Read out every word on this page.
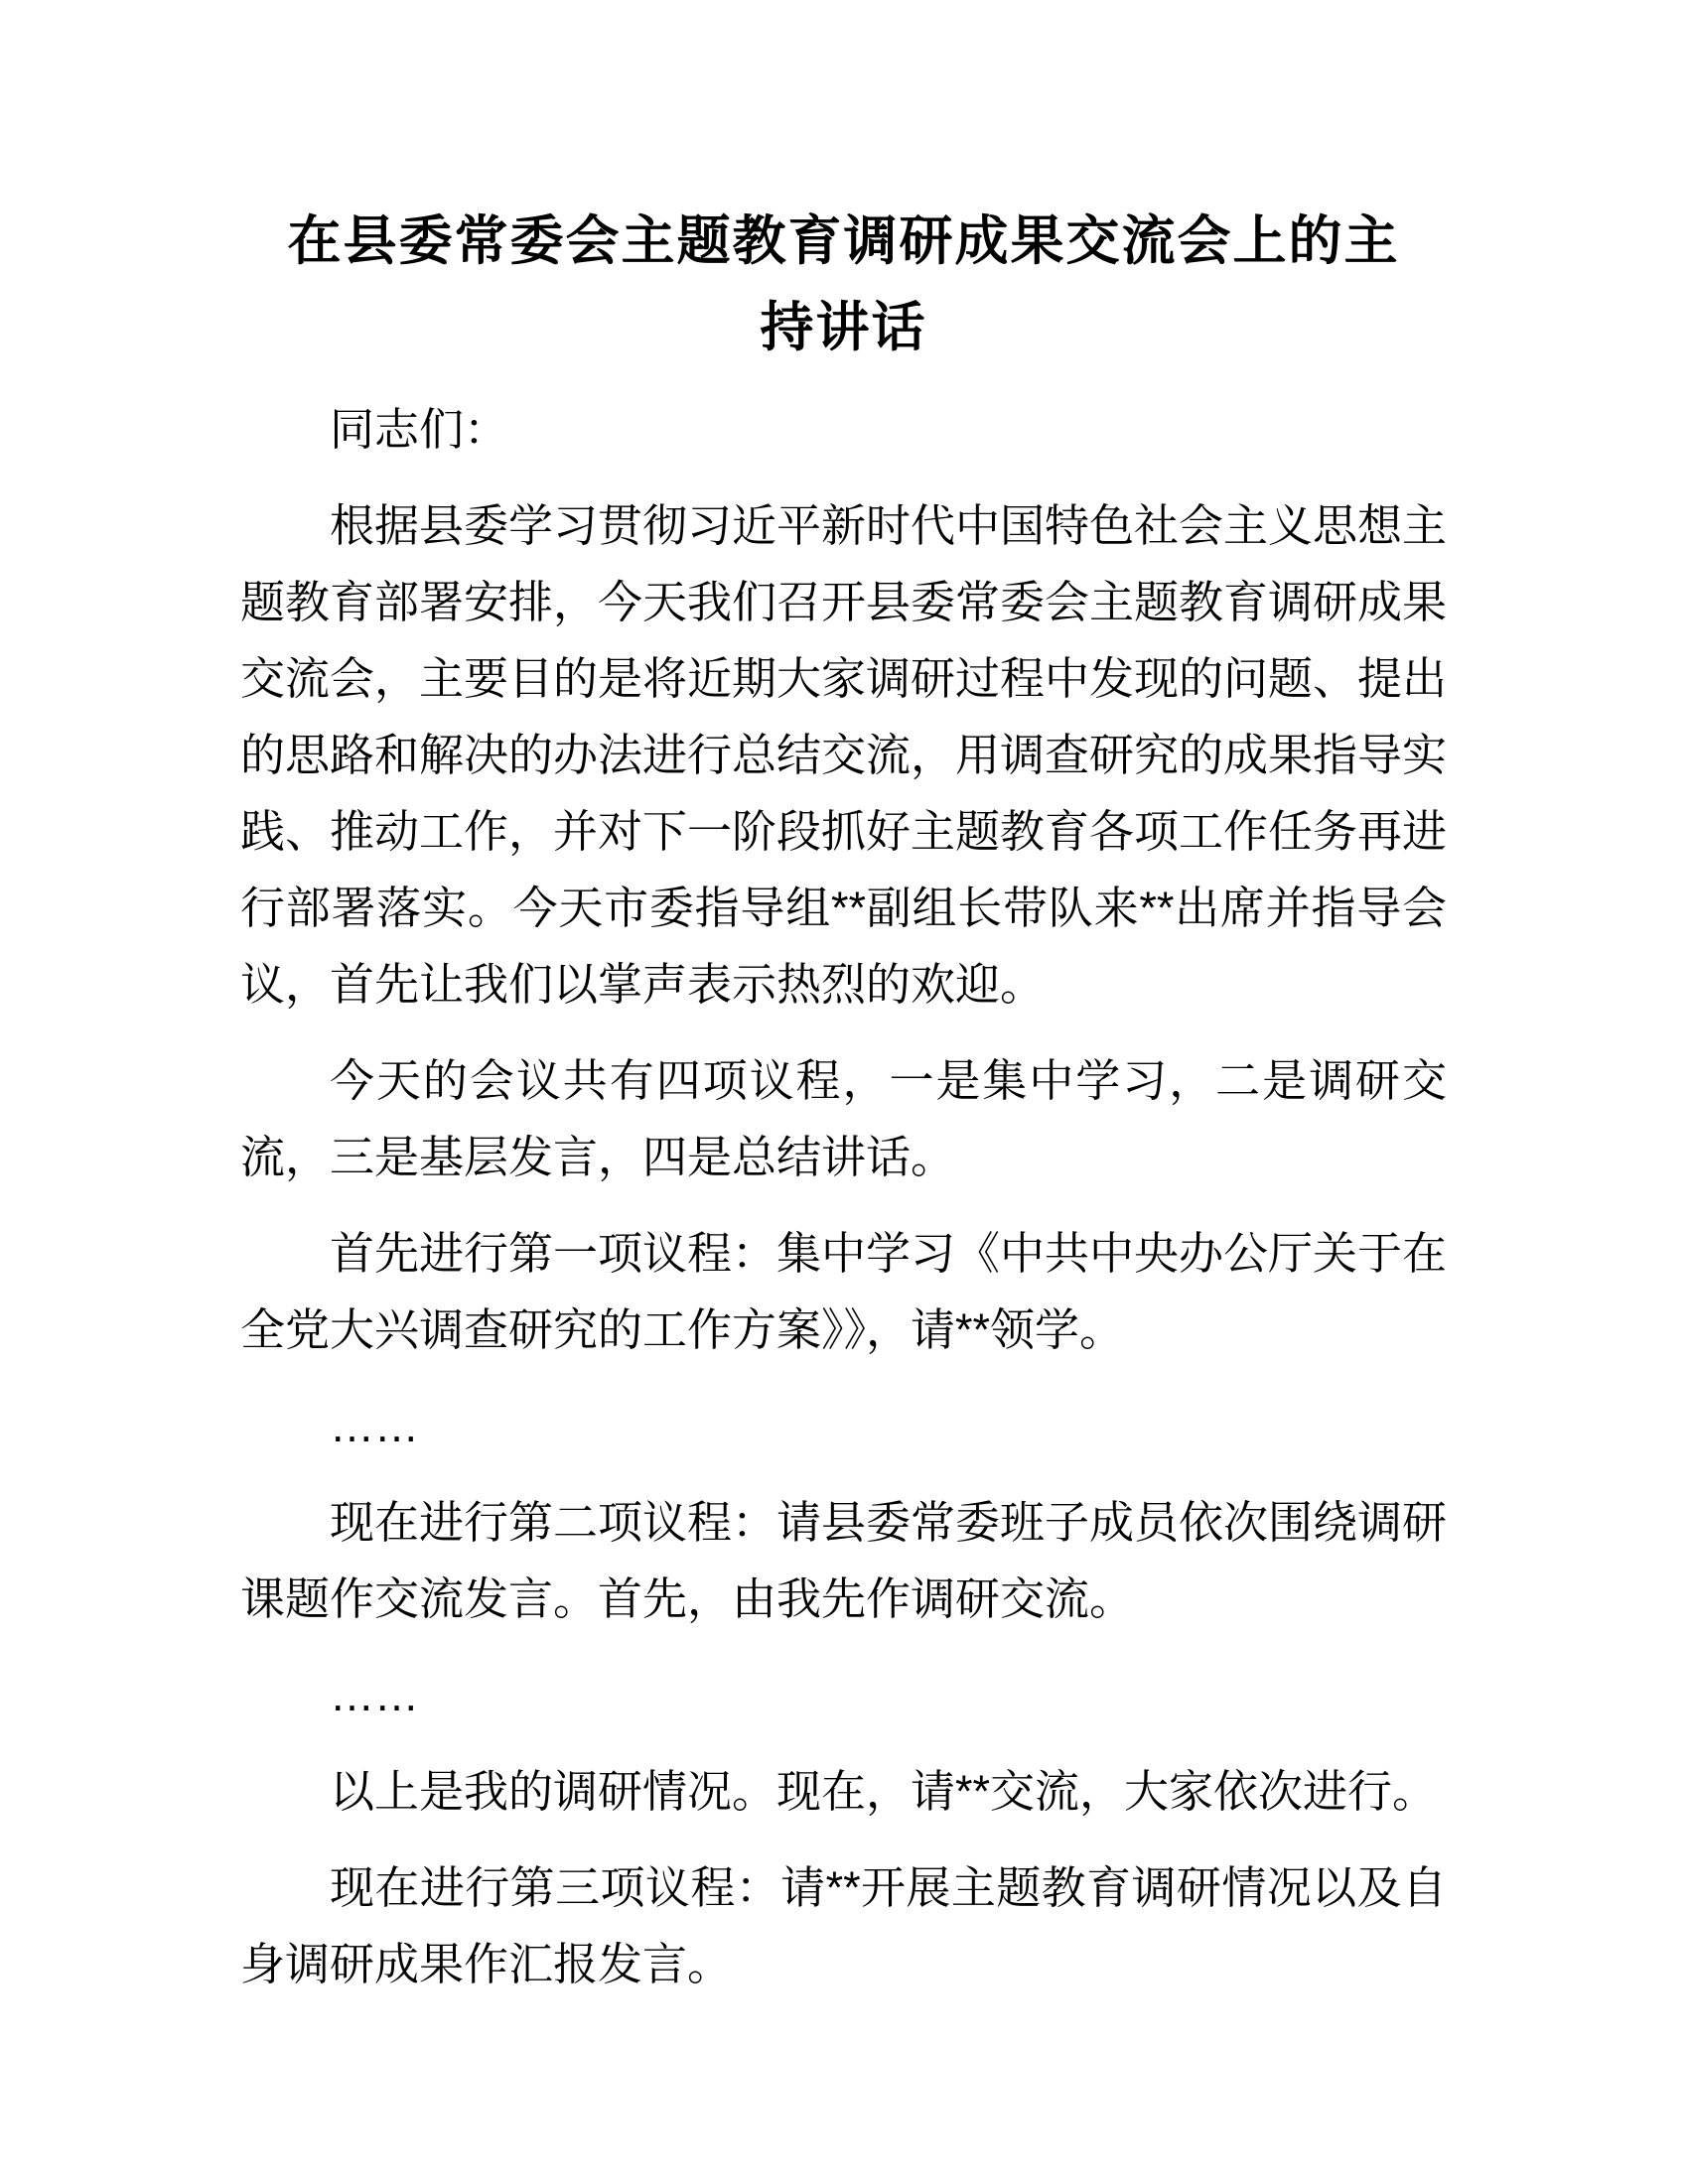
在县委常委会主题教育调研成果交流会上的主
持讲话

同志们：

根据县委学习贯彻习近平新时代中国特色社会主义思想主题教育部署安排，今天我们召开县委常委会主题教育调研成果交流会，主要目的是将近期大家调研过程中发现的问题、提出的思路和解决的办法进行总结交流，用调查研究的成果指导实践、推动工作，并对下一阶段抓好主题教育各项工作任务再进行部署落实。今天市委指导组**副组长带队来**出席并指导会议，首先让我们以掌声表示热烈的欢迎。

今天的会议共有四项议程，一是集中学习，二是调研交流，三是基层发言，四是总结讲话。

首先进行第一项议程：集中学习《中共中央办公厅关于在全党大兴调查研究的工作方案》》，请**领学。

……

现在进行第二项议程：请县委常委班子成员依次围绕调研课题作交流发言。首先，由我先作调研交流。

……

以上是我的调研情况。现在，请**交流，大家依次进行。

现在进行第三项议程：请**开展主题教育调研情况以及自身调研成果作汇报发言。
